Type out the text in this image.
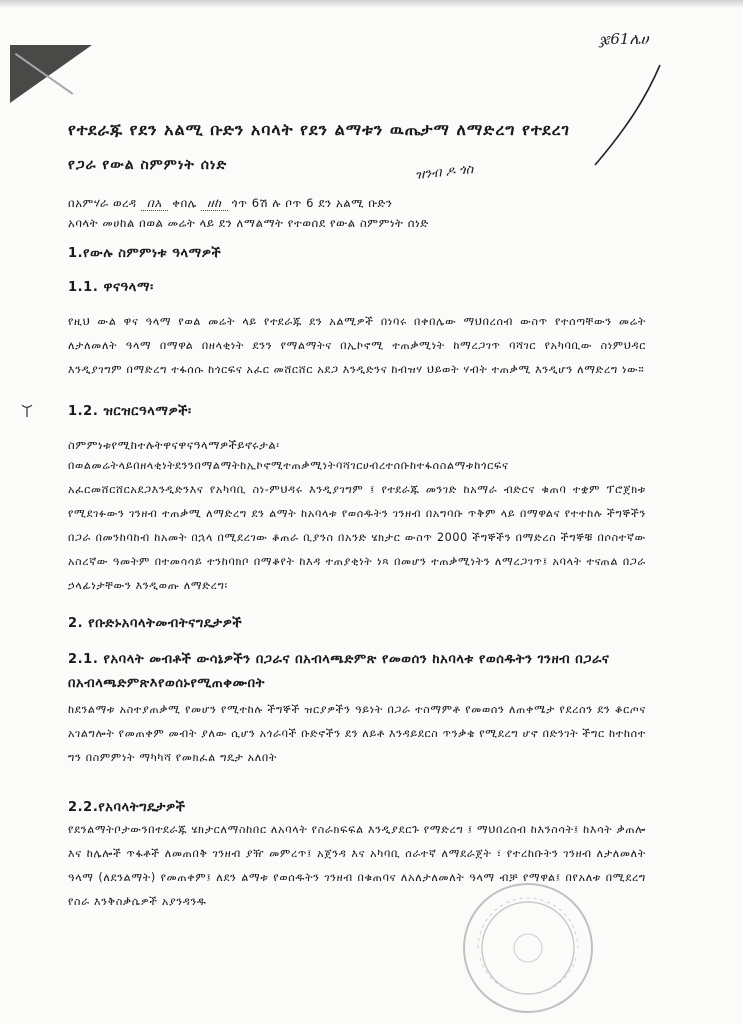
ჯ61ሌሀ
የተደራጁ የደን አልሚ ቡድን አባላት የደን ልማቱን ዉጤታማ ለማድረግ የተደረገ
የጋራ የውል ስምምነት ሰነድ
በአምሃራ ወረዳ በአ ቀበሌ ዘከ ጎጥ 6ሽ ሉ ቦጥ 6 ደን አልሚ ቡድን
ዝንብ ዶ ጎስ
አባላት መሀከል በወል መሬት ላይ ደን ለማልማት የተወሰደ የውል ስምምነት ሰነድ
1.የውሉ ስምምነቱ ዓላማዎች
1.1. ዋናዓላማ፡
የዚህ ውል ዋና ዓላማ የወል መሬት ላይ የተደራጁ ደን አልሚዎች በነባሩ በቀበሌው ማህበረሰብ ውስጥ የተሰጣቸውን መሬት ለታለመለት ዓላማ በማዋል በዘላቂነት ደንን የማልማትና በኢኮኖሚ ተጠቃሚነት ከማረጋገጥ ባሻገር የአካባቢው ስነምህዳር እንዲያገግም በማድረግ ተፋሰሱ ከጎርፍና አፈር መሸርሸር አደጋ እንዲድንና ከብዝሃ ህይወት ሃብት ተጠቃሚ እንዲሆን ለማድረግ ነው።
1.2. ዝርዝርዓላማዎች፡
ስምምነቱየሚከተሉትዋናዋናዓላማዎችይኖሩታል፡
በወልመሬትላይበዘላቂነትደንንበማልማትከኢኮኖሚተጠቃሚነትባሻገርሀብረተሰቡከተፋሰስልማቱከጎርፍና አፈርመሸርሸርአደጋእንዲድንእና የአካባቢ ስነ-ምህዳሩ እንዲያገግም ፤ የተደራጁ መንገድ ከአማራ ብድርና ቁጠባ ተቋም ፕሮጀክቱ የሚደገፉውን ገንዘብ ተጠቃሚ ለማድረግ ደን ልማት ከአባላቱ የወሰዱትን ገንዘብ በአግባቡ ጥቅም ላይ በማዋልና የተተከሉ ችግኞችን በጋራ በመንከባከብ ከአመት በኋላ በሚደረገው ቆጠራ ቢያንስ በአንድ ሄክታር ውስጥ 2000 ችግኞችን በማድረስ ችግኞቹ በሶስተኛው አስረኛው ዓመትም በተመሳሳይ ተንከባክቦ በማቆየት ከእዳ ተጠያቂነት ነጻ በመሆን ተጠቃሚነትን ለማረጋገጥ፤ አባላት ተናጠል በጋራ ኃላፊነታቸውን እንዲወጡ ለማድረግ፡
2. የቡድኑአባላትመብትናግዴታዎች
2.1. የአባላት መብቶች ውሳኔዎችን በጋራና በአብላጫድምጽ የመወሰን ከአባላቱ የወሰዱትን ገንዘብ በጋራና በአብላጫድምጽእየወሰኑየሚጠቀሙበት
ከደንልማቱ አስተያጠቃሚ የመሆን የሚተከሉ ችግኞች ዝርያዎችን ዓይነት በጋራ ተስማምቶ የመወሰን ለጠቀሜታ የደረሰን ደን ቆርጦና አገልግሎት የመጠቀም መብት ያለው ሲሆን አጎራባች ቡድኖችን ደን ለይቶ እንዳይደርስ ጥንቃቄ የሚደረግ ሆኖ በድንገት ችግር ከተከሰተ ግን በስምምነት ማካካሻ የመክፈል ግዴታ አለበት
2.2.የአባላትግዴታዎች
የደንልማትቦታውንበተደራጁ ሄክታርለማስከበር ለአባላት የስራክፍፍል እንዲያደርጉ የማድረግ ፤ ማህበረሰብ ከእንስሳት፤ ከእሳት ቃጠሎ እና ከሌሎች ጥፋቶች ለመጠበቅ ገንዘብ ያዥ መምረጥ፤ አጀንዳ እና አካባቢ ሰራተኛ ለማደራጀት ፣ የተረከቡትን ገንዘብ ለታለመለት ዓላማ (ለደንልማት) የመጠቀም፤ ለደን ልማቱ የወሰዱትን ገንዘብ በቁጠባና ለአለታለመለት ዓላማ ብቻ የማዋል፤ በየአለቱ በሚደረግ የስራ እንቅስቃሴዎች አያንዳንዱ
